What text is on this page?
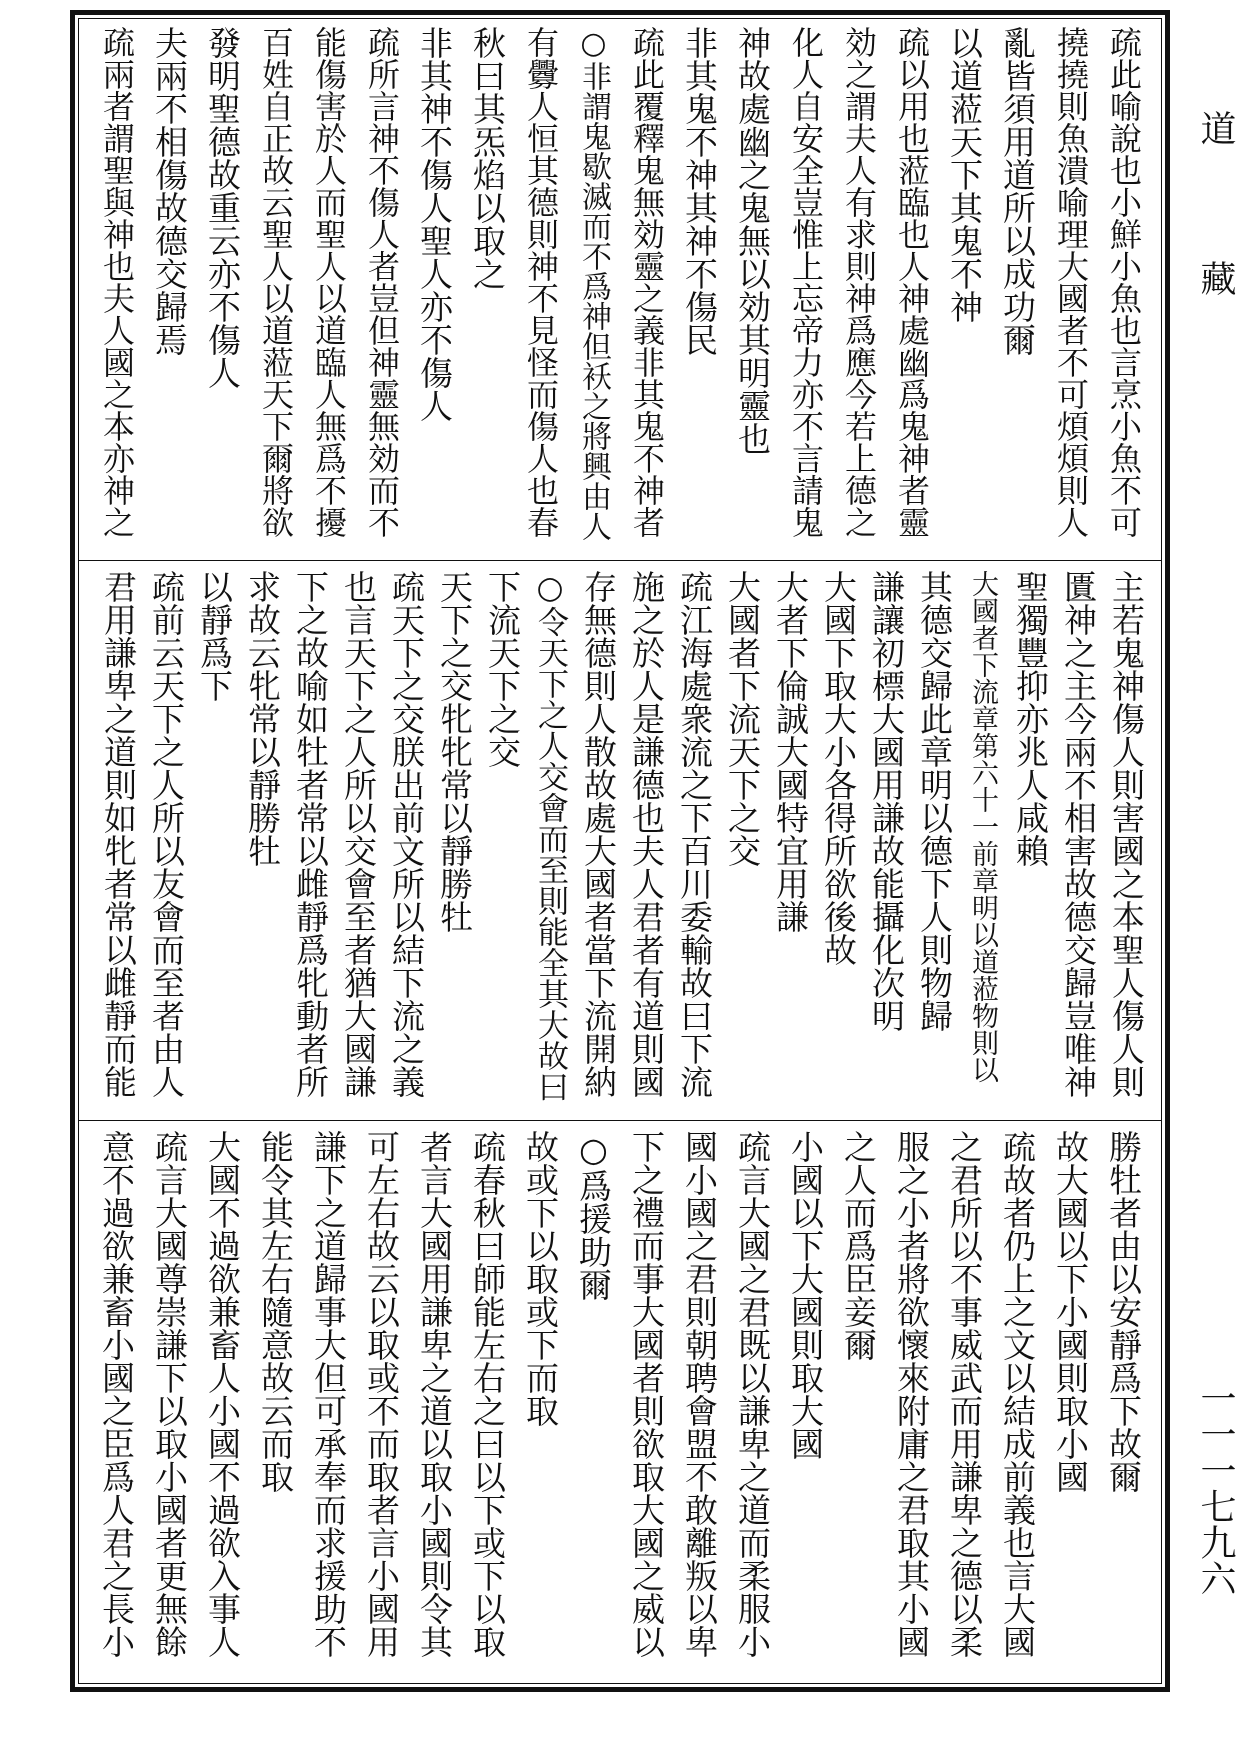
道
藏
一一一七九六
疏此喻說也小鮮小魚也言烹小魚不可
撓撓則魚潰喻理大國者不可煩煩則人
亂皆須用道所以成功爾
以道蒞天下其鬼不神
疏以用也蒞臨也人神處幽爲鬼神者靈
効之謂夫人有求則神爲應今若上德之
化人自安全豈惟上忘帝力亦不言請鬼
神故處幽之鬼無以効其明靈也
非其鬼不神其神不傷民
疏此覆釋鬼無効靈之義非其鬼不神者
○非謂鬼歇滅而不爲神但袄之將興由人
有釁人恒其德則神不見怪而傷人也春
秋曰其炁焰以取之
非其神不傷人聖人亦不傷人
疏所言神不傷人者豈但神靈無効而不
能傷害於人而聖人以道臨人無爲不擾
百姓自正故云聖人以道蒞天下爾將欲
發明聖德故重云亦不傷人
夫兩不相傷故德交歸焉
疏兩者謂聖與神也夫人國之本亦神之
主若鬼神傷人則害國之本聖人傷人則
匱神之主今兩不相害故德交歸豈唯神
聖獨豐抑亦兆人咸賴
大國者下流章第六十一前章明以道蒞物則以
其德交歸此章明以德下人則物歸
謙讓初標大國用謙故能攝化次明
大國下取大小各得所欲後故
大者下倫誠大國特宜用謙
大國者下流天下之交
疏江海處衆流之下百川委輸故曰下流
施之於人是謙德也夫人君者有道則國
存無德則人散故處大國者當下流開納
○令天下之人交會而至則能全其大故曰
下流天下之交
天下之交牝牝常以靜勝牡
疏天下之交朕出前文所以結下流之義
也言天下之人所以交會至者猶大國謙
下之故喻如牡者常以雌靜爲牝動者所
求故云牝常以靜勝牡
以靜爲下
疏前云天下之人所以友會而至者由人
君用謙卑之道則如牝者常以雌靜而能
勝牡者由以安靜爲下故爾
故大國以下小國則取小國
疏故者仍上之文以結成前義也言大國
之君所以不事威武而用謙卑之德以柔
服之小者將欲懷來附庸之君取其小國
之人而爲臣妾爾
小國以下大國則取大國
疏言大國之君既以謙卑之道而柔服小
國小國之君則朝聘會盟不敢離叛以卑
下之禮而事大國者則欲取大國之威以
○爲援助爾
故或下以取或下而取
疏春秋曰師能左右之曰以下或下以取
者言大國用謙卑之道以取小國則令其
可左右故云以取或不而取者言小國用
謙下之道歸事大但可承奉而求援助不
能令其左右隨意故云而取
大國不過欲兼畜人小國不過欲入事人
疏言大國尊崇謙下以取小國者更無餘
意不過欲兼畜小國之臣爲人君之長小
